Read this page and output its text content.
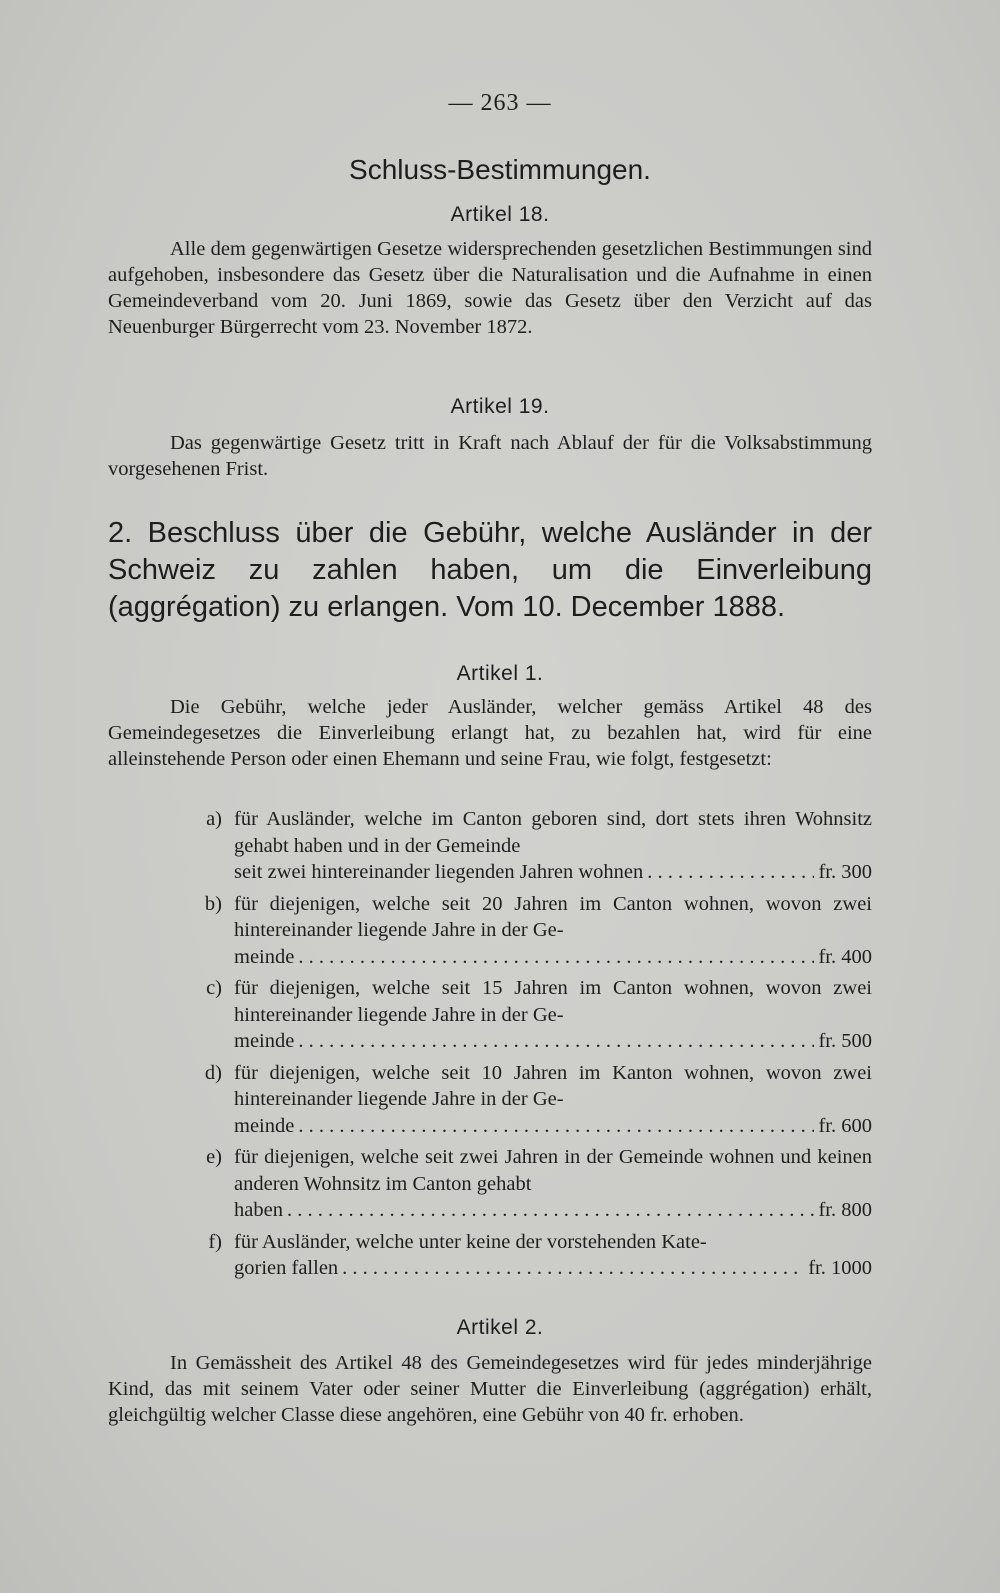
— 263 —
Schluss-Bestimmungen.
Artikel 18.
Alle dem gegenwärtigen Gesetze widersprechenden gesetzlichen Bestimmungen sind aufgehoben, insbesondere das Gesetz über die Naturalisation und die Aufnahme in einen Gemeindeverband vom 20. Juni 1869, sowie das Gesetz über den Verzicht auf das Neuenburger Bürgerrecht vom 23. November 1872.
Artikel 19.
Das gegenwärtige Gesetz tritt in Kraft nach Ablauf der für die Volksabstimmung vorgesehenen Frist.
2. Beschluss über die Gebühr, welche Ausländer in der Schweiz zu zahlen haben, um die Einverleibung (aggrégation) zu erlangen. Vom 10. December 1888.
Artikel 1.
Die Gebühr, welche jeder Ausländer, welcher gemäss Artikel 48 des Gemeindegesetzes die Einverleibung erlangt hat, zu bezahlen hat, wird für eine alleinstehende Person oder einen Ehemann und seine Frau, wie folgt, festgesetzt:
a) für Ausländer, welche im Canton geboren sind, dort stets ihren Wohnsitz gehabt haben und in der Gemeinde
seit zwei hintereinander liegenden Jahren wohnen . . .	fr. 300
b) für diejenigen, welche seit 20 Jahren im Canton wohnen, wovon zwei hintereinander liegende Jahre in der Ge-
meinde . . .	fr. 400
c) für diejenigen, welche seit 15 Jahren im Canton wohnen, wovon zwei hintereinander liegende Jahre in der Ge-
meinde . . .	fr. 500
d) für diejenigen, welche seit 10 Jahren im Kanton wohnen, wovon zwei hintereinander liegende Jahre in der Ge-
meinde . . .	fr. 600
e) für diejenigen, welche seit zwei Jahren in der Gemeinde wohnen und keinen anderen Wohnsitz im Canton gehabt
haben . . .	fr. 800
f) für Ausländer, welche unter keine der vorstehenden Kate-
gorien fallen . . .	fr. 1000
Artikel 2.
In Gemässheit des Artikel 48 des Gemeindegesetzes wird für jedes minderjährige Kind, das mit seinem Vater oder seiner Mutter die Einverleibung (aggrégation) erhält, gleichgültig welcher Classe diese angehören, eine Gebühr von 40 fr. erhoben.
